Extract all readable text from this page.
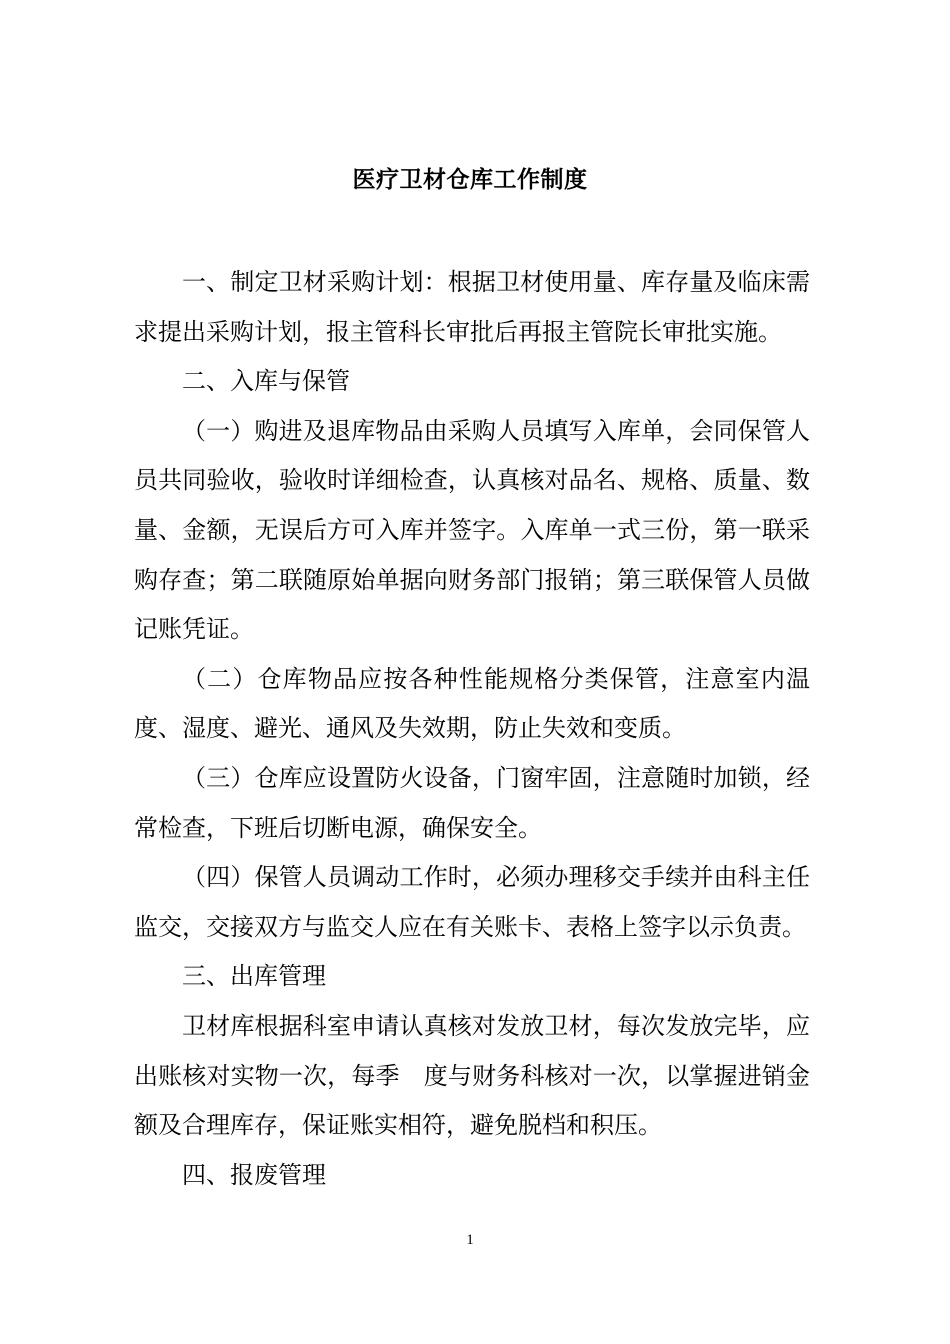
医疗卫材仓库工作制度

一、制定卫材采购计划：根据卫材使用量、库存量及临床需求提出采购计划，报主管科长审批后再报主管院长审批实施。

二、入库与保管

（一）购进及退库物品由采购人员填写入库单，会同保管人员共同验收，验收时详细检查，认真核对品名、规格、质量、数量、金额，无误后方可入库并签字。入库单一式三份，第一联采购存查；第二联随原始单据向财务部门报销；第三联保管人员做记账凭证。

（二）仓库物品应按各种性能规格分类保管，注意室内温度、湿度、避光、通风及失效期，防止失效和变质。

（三）仓库应设置防火设备，门窗牢固，注意随时加锁，经常检查，下班后切断电源，确保安全。

（四）保管人员调动工作时，必须办理移交手续并由科主任监交，交接双方与监交人应在有关账卡、表格上签字以示负责。

三、出库管理

卫材库根据科室申请认真核对发放卫材，每次发放完毕，应出账核对实物一次，每季　度与财务科核对一次，以掌握进销金额及合理库存，保证账实相符，避免脱档和积压。

四、报废管理

1
